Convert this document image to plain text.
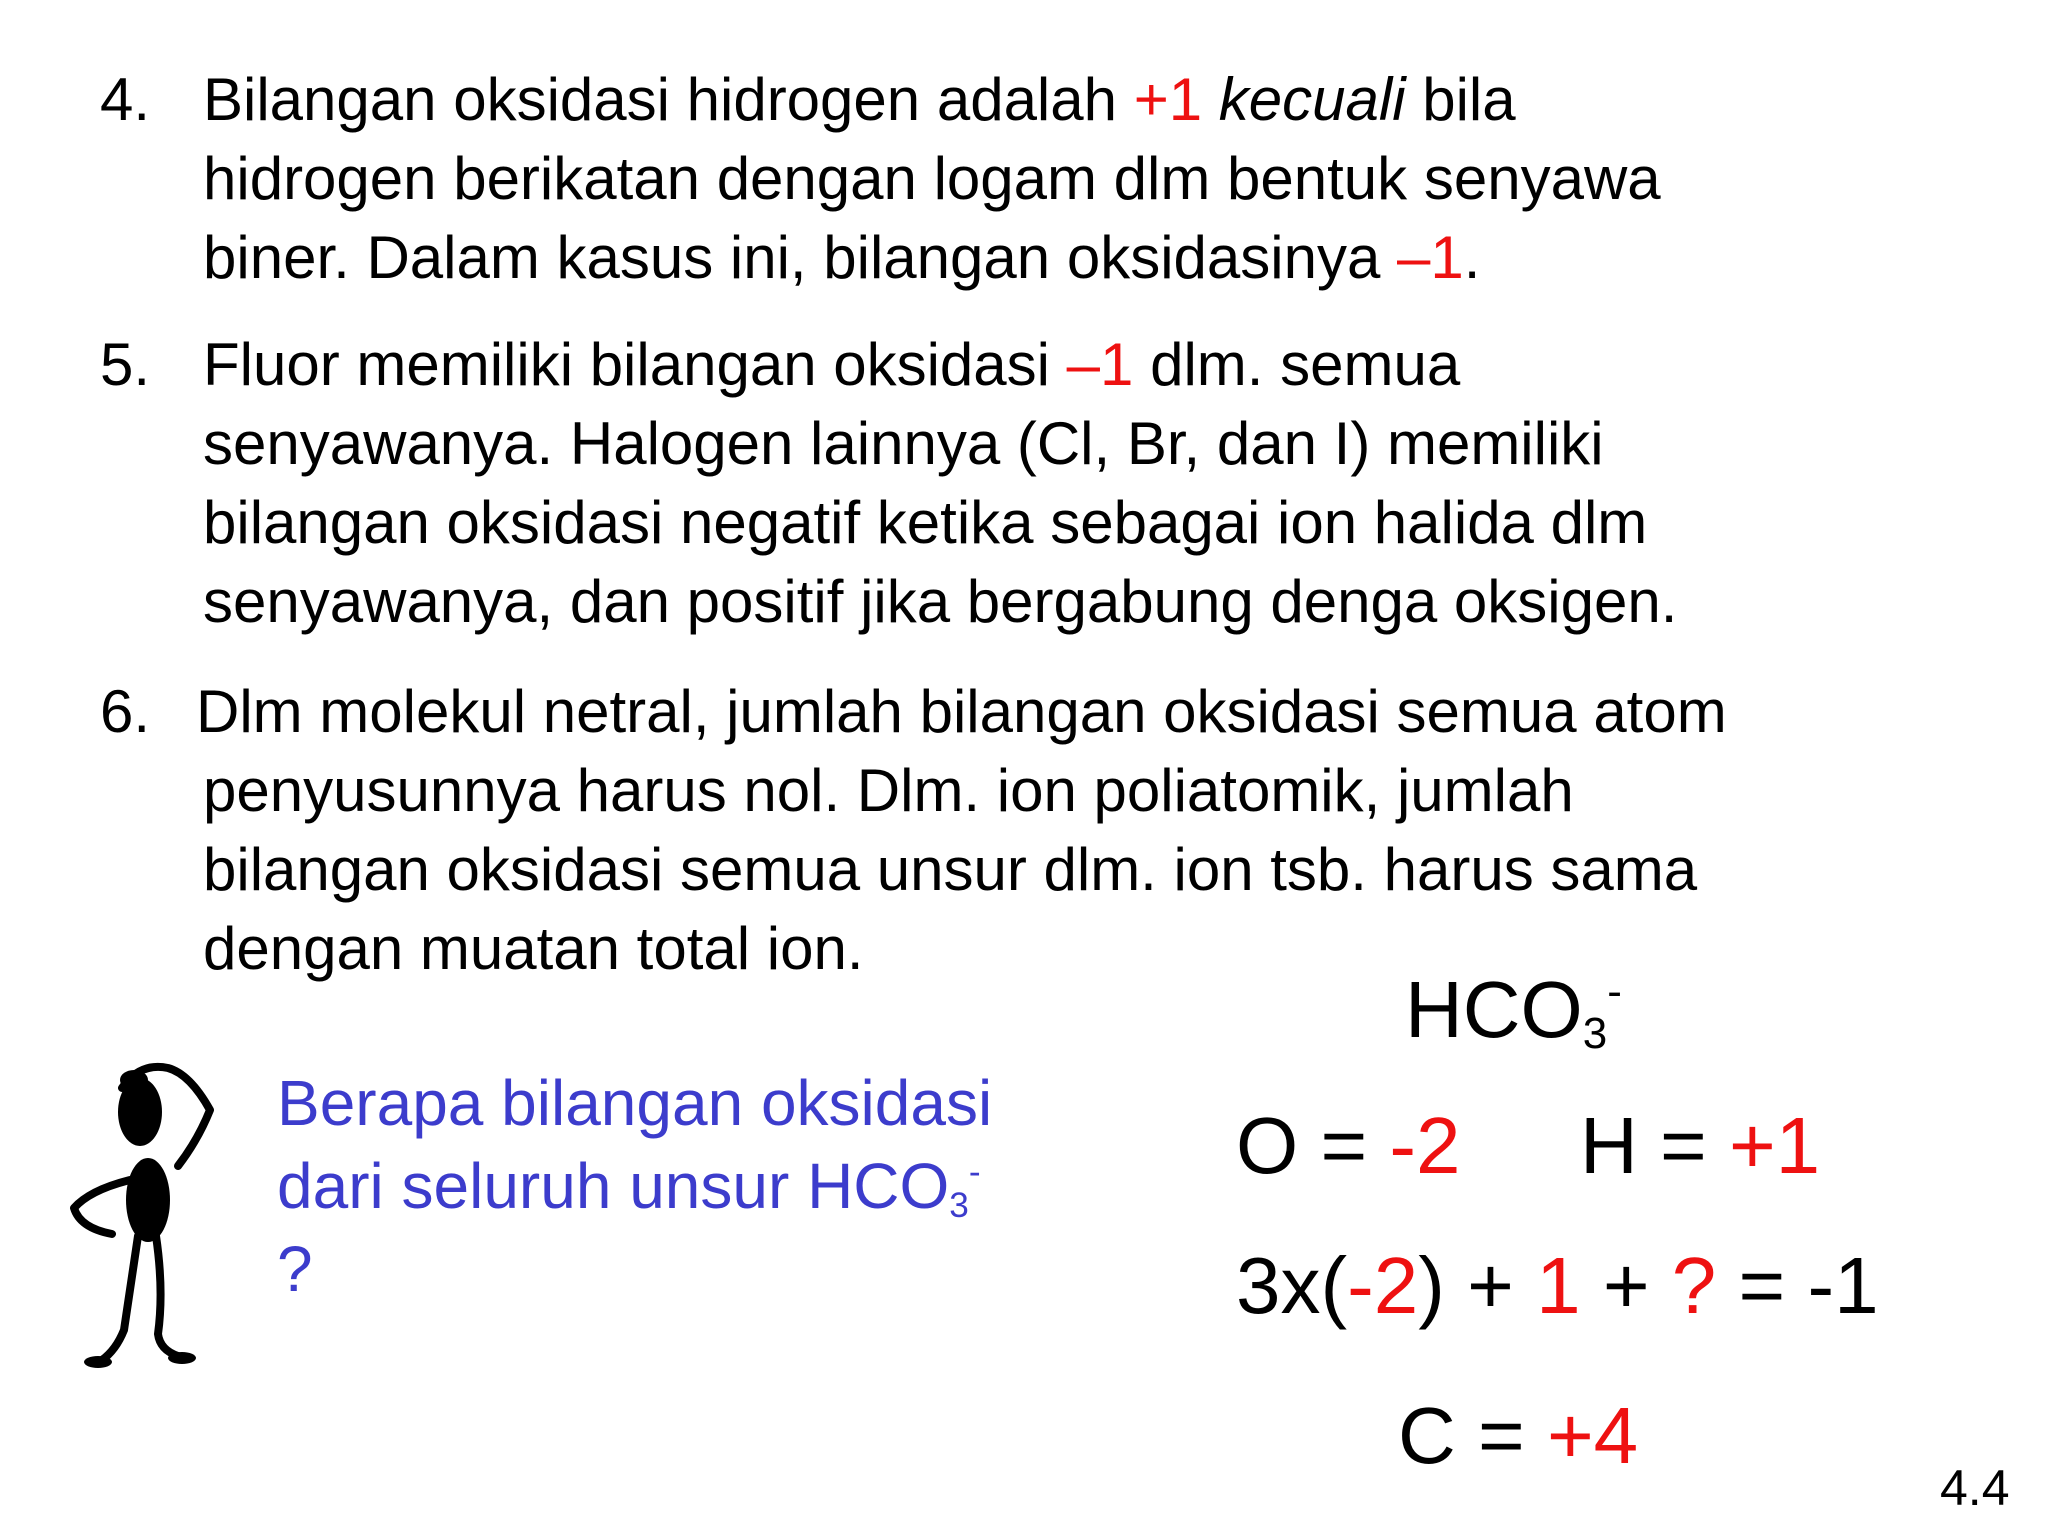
4. Bilangan oksidasi hidrogen adalah +1 kecuali bila
hidrogen berikatan dengan logam dlm bentuk senyawa
biner. Dalam kasus ini, bilangan oksidasinya –1.
5. Fluor memiliki bilangan oksidasi –1 dlm. semua
senyawanya. Halogen lainnya (Cl, Br, dan I) memiliki
bilangan oksidasi negatif ketika sebagai ion halida dlm
senyawanya, dan positif jika bergabung denga oksigen.
6. Dlm molekul netral, jumlah bilangan oksidasi semua atom
penyusunnya harus nol. Dlm. ion poliatomik, jumlah
bilangan oksidasi semua unsur dlm. ion tsb. harus sama
dengan muatan total ion.
Berapa bilangan oksidasi
dari seluruh unsur $HCO_3^-$
?
$HCO_3^-$
O = -2 H = +1
3x(-2) + 1 + ? = -1
C = +4
4.4
